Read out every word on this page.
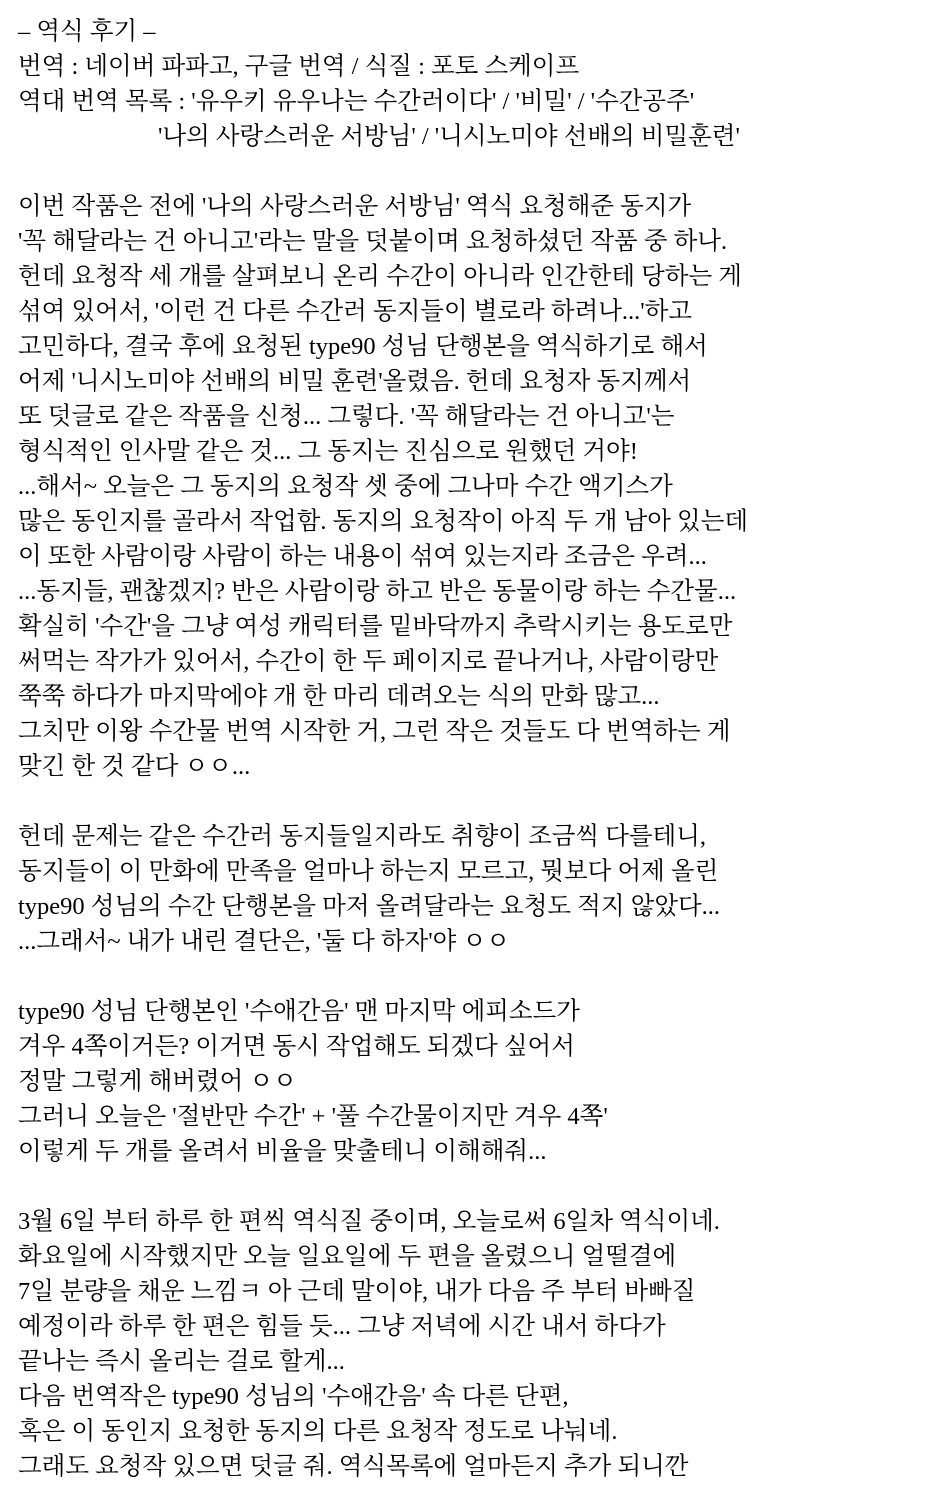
– 역식 후기 –
번역 : 네이버 파파고, 구글 번역 / 식질 : 포토 스케이프
역대 번역 목록 : '유우키 유우나는 수간러이다' / '비밀' / '수간공주'
'나의 사랑스러운 서방님' / '니시노미야 선배의 비밀훈련'
이번 작품은 전에 '나의 사랑스러운 서방님' 역식 요청해준 동지가
'꼭 해달라는 건 아니고'라는 말을 덧붙이며 요청하셨던 작품 중 하나.
헌데 요청작 세 개를 살펴보니 온리 수간이 아니라 인간한테 당하는 게
섞여 있어서, '이런 건 다른 수간러 동지들이 별로라 하려나...'하고
고민하다, 결국 후에 요청된 type90 성님 단행본을 역식하기로 해서
어제 '니시노미야 선배의 비밀 훈련'올렸음. 헌데 요청자 동지께서
또 덧글로 같은 작품을 신청... 그렇다. '꼭 해달라는 건 아니고'는
형식적인 인사말 같은 것... 그 동지는 진심으로 원했던 거야!
...해서~ 오늘은 그 동지의 요청작 셋 중에 그나마 수간 액기스가
많은 동인지를 골라서 작업함. 동지의 요청작이 아직 두 개 남아 있는데
이 또한 사람이랑 사람이 하는 내용이 섞여 있는지라 조금은 우려...
...동지들, 괜찮겠지? 반은 사람이랑 하고 반은 동물이랑 하는 수간물...
확실히 '수간'을 그냥 여성 캐릭터를 밑바닥까지 추락시키는 용도로만
써먹는 작가가 있어서, 수간이 한 두 페이지로 끝나거나, 사람이랑만
쭉쭉 하다가 마지막에야 개 한 마리 데려오는 식의 만화 많고...
그치만 이왕 수간물 번역 시작한 거, 그런 작은 것들도 다 번역하는 게
맞긴 한 것 같다 ㅇㅇ...
헌데 문제는 같은 수간러 동지들일지라도 취향이 조금씩 다를테니,
동지들이 이 만화에 만족을 얼마나 하는지 모르고, 뭣보다 어제 올린
type90 성님의 수간 단행본을 마저 올려달라는 요청도 적지 않았다...
...그래서~ 내가 내린 결단은, '둘 다 하자'야 ㅇㅇ
type90 성님 단행본인 '수애간음' 맨 마지막 에피소드가
겨우 4쪽이거든? 이거면 동시 작업해도 되겠다 싶어서
정말 그렇게 해버렸어 ㅇㅇ
그러니 오늘은 '절반만 수간' + '풀 수간물이지만 겨우 4쪽'
이렇게 두 개를 올려서 비율을 맞출테니 이해해줘...
3월 6일 부터 하루 한 편씩 역식질 중이며, 오늘로써 6일차 역식이네.
화요일에 시작했지만 오늘 일요일에 두 편을 올렸으니 얼떨결에
7일 분량을 채운 느낌ㅋ 아 근데 말이야, 내가 다음 주 부터 바빠질
예정이라 하루 한 편은 힘들 듯... 그냥 저녁에 시간 내서 하다가
끝나는 즉시 올리는 걸로 할게...
다음 번역작은 type90 성님의 '수애간음' 속 다른 단편,
혹은 이 동인지 요청한 동지의 다른 요청작 정도로 나눠네.
그래도 요청작 있으면 덧글 줘. 역식목록에 얼마든지 추가 되니깐
